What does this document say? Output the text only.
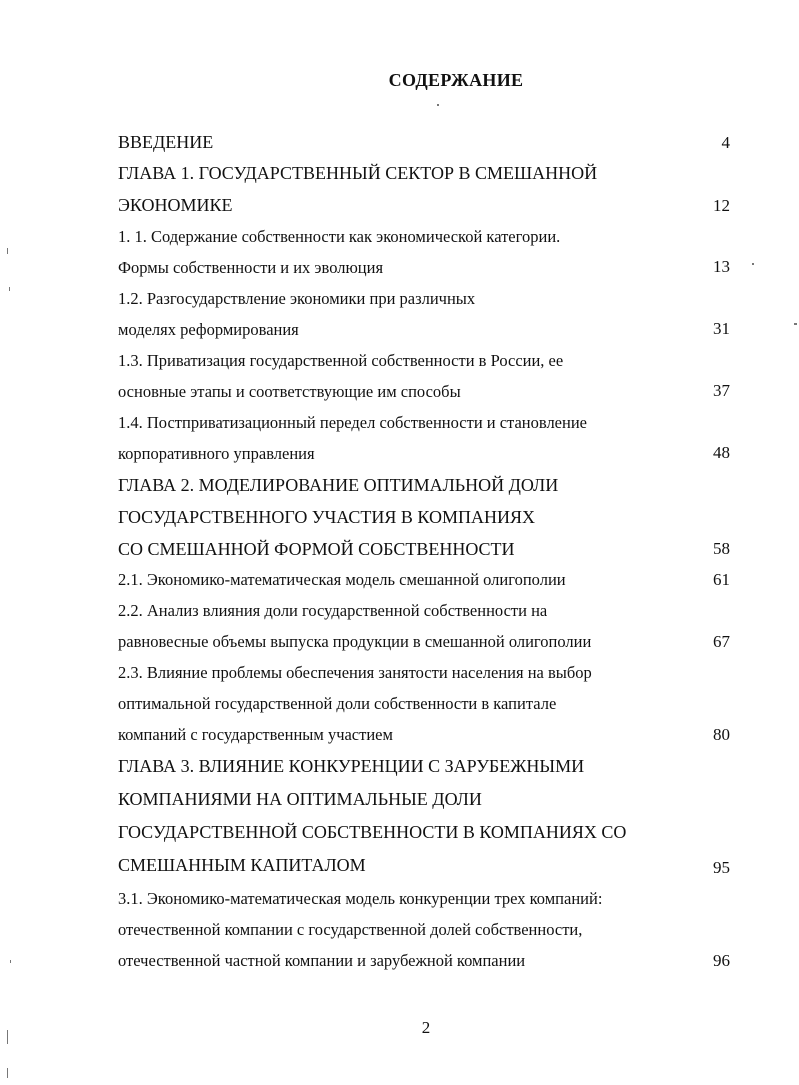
СОДЕРЖАНИЕ
ВВЕДЕНИЕ	4
ГЛАВА 1. ГОСУДАРСТВЕННЫЙ СЕКТОР В СМЕШАННОЙ
ЭКОНОМИКЕ	12
1. 1. Содержание собственности как экономической категории.
Формы собственности и их эволюция	13
1.2. Разгосударствление экономики при различных
моделях реформирования	31
1.3. Приватизация государственной собственности в России, ее
основные этапы и соответствующие им способы	37
1.4. Постприватизационный передел собственности и становление
корпоративного управления	48
ГЛАВА 2. МОДЕЛИРОВАНИЕ ОПТИМАЛЬНОЙ ДОЛИ
ГОСУДАРСТВЕННОГО УЧАСТИЯ В КОМПАНИЯХ
СО СМЕШАННОЙ ФОРМОЙ СОБСТВЕННОСТИ	58
2.1. Экономико-математическая модель смешанной олигополии	61
2.2. Анализ влияния доли государственной собственности на
равновесные объемы выпуска продукции в смешанной олигополии	67
2.3. Влияние проблемы обеспечения занятости населения на выбор
оптимальной государственной доли собственности в капитале
компаний с государственным участием	80
ГЛАВА 3. ВЛИЯНИЕ КОНКУРЕНЦИИ С ЗАРУБЕЖНЫМИ
КОМПАНИЯМИ НА ОПТИМАЛЬНЫЕ ДОЛИ
ГОСУДАРСТВЕННОЙ СОБСТВЕННОСТИ В КОМПАНИЯХ СО
СМЕШАННЫМ КАПИТАЛОМ	95
3.1. Экономико-математическая модель конкуренции трех компаний:
отечественной компании с государственной долей собственности,
отечественной частной компании и зарубежной компании	96
2
